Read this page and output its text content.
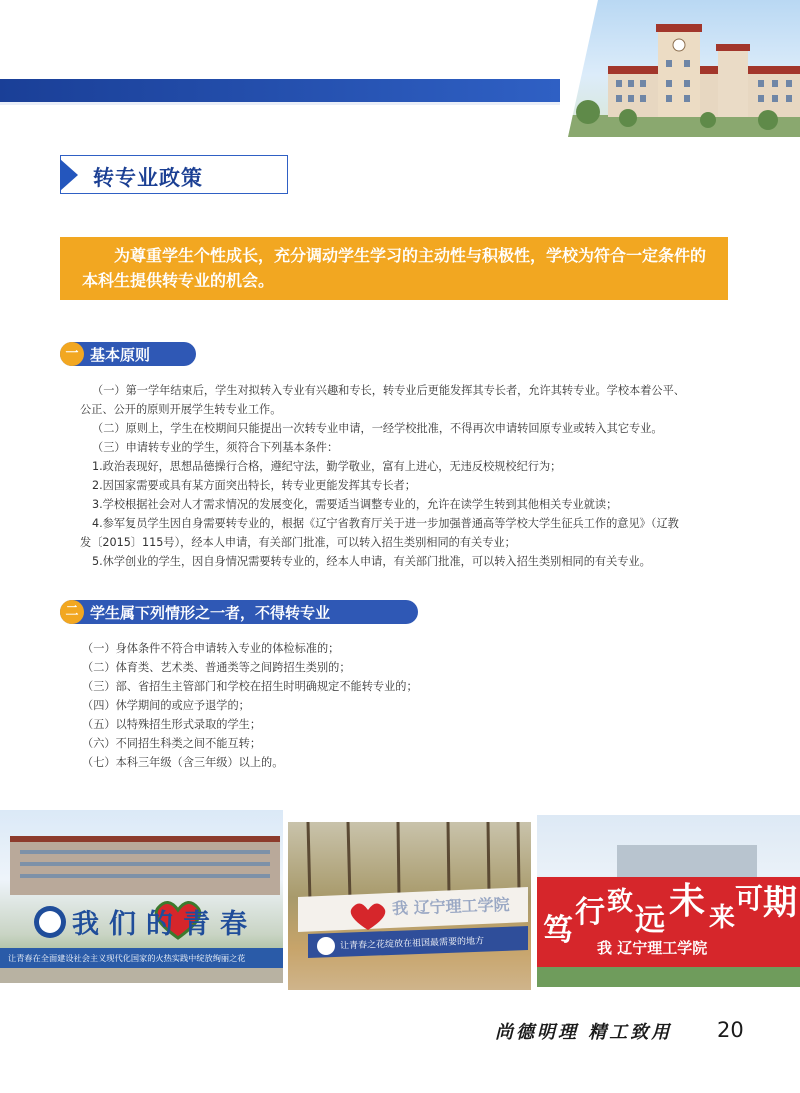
转专业政策

为尊重学生个性成长，充分调动学生学习的主动性与积极性，学校为符合一定条件的本科生提供转专业的机会。

一 基本原则
（一）第一学年结束后，学生对拟转入专业有兴趣和专长，转专业后更能发挥其专长者，允许其转专业。学校本着公平、
公正、公开的原则开展学生转专业工作。
（二）原则上，学生在校期间只能提出一次转专业申请，一经学校批准，不得再次申请转回原专业或转入其它专业。
（三）申请转专业的学生，须符合下列基本条件：
1.政治表现好，思想品德操行合格，遵纪守法，勤学敬业，富有上进心，无违反校规校纪行为；
2.因国家需要或具有某方面突出特长，转专业更能发挥其专长者；
3.学校根据社会对人才需求情况的发展变化，需要适当调整专业的，允许在读学生转到其他相关专业就读；
4.参军复员学生因自身需要转专业的，根据《辽宁省教育厅关于进一步加强普通高等学校大学生征兵工作的意见》（辽教
发〔2015〕115号），经本人申请，有关部门批准，可以转入招生类别相同的有关专业；
5.休学创业的学生，因自身情况需要转专业的，经本人申请，有关部门批准，可以转入招生类别相同的有关专业。
二 学生属下列情形之一者，不得转专业
（一）身体条件不符合申请转入专业的体检标准的；
（二）体育类、艺术类、普通类等之间跨招生类别的；
（三）部、省招生主管部门和学校在招生时明确规定不能转专业的；
（四）休学期间的或应予退学的；
（五）以特殊招生形式录取的学生；
（六）不同招生科类之间不能互转；
（七）本科三年级（含三年级）以上的。
我们的青春
让青春在全面建设社会主义现代化国家的火热实践中绽放绚丽之花
我 辽宁理工学院
让青春之花绽放在祖国最需要的地方 笃
行 致
远 未 来
可 期
我 辽宁理工学院
尚德明理 精工致用 20
